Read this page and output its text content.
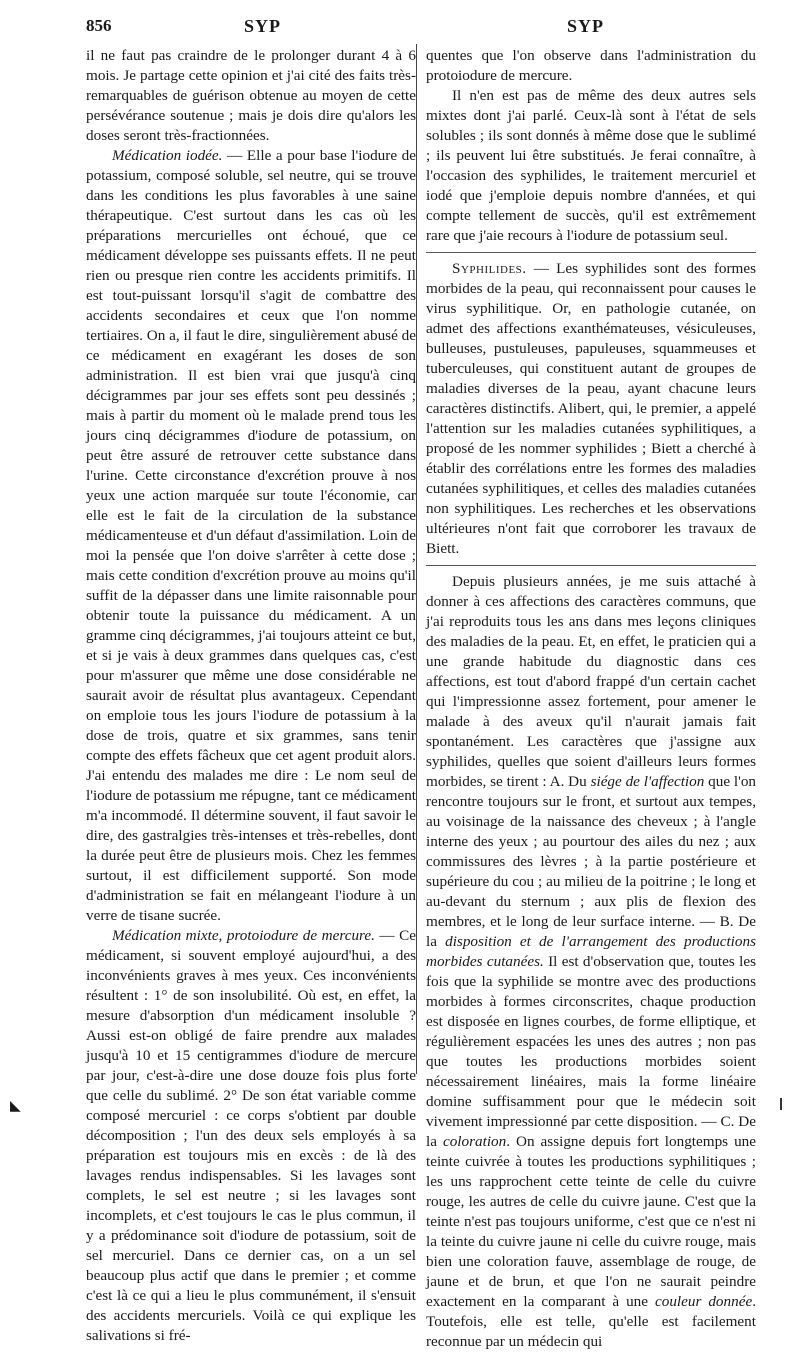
856	SYP	SYP

il ne faut pas craindre de le prolonger durant 4 à 6 mois. Je partage cette opinion et j'ai cité des faits très-remarquables de guérison obtenue au moyen de cette persévérance soutenue ; mais je dois dire qu'alors les doses seront très-fractionnées.

Médication iodée. — Elle a pour base l'iodure de potassium, composé soluble, sel neutre, qui se trouve dans les conditions les plus favorables à une saine thérapeutique. C'est surtout dans les cas où les préparations mercurielles ont échoué, que ce médicament développe ses puissants effets. Il ne peut rien ou presque rien contre les accidents primitifs. Il est tout-puissant lorsqu'il s'agit de combattre des accidents secondaires et ceux que l'on nomme tertiaires. On a, il faut le dire, singulièrement abusé de ce médicament en exagérant les doses de son administration. Il est bien vrai que jusqu'à cinq décigrammes par jour ses effets sont peu dessinés ; mais à partir du moment où le malade prend tous les jours cinq décigrammes d'iodure de potassium, on peut être assuré de retrouver cette substance dans l'urine. Cette circonstance d'excrétion prouve à nos yeux une action marquée sur toute l'économie, car elle est le fait de la circulation de la substance médicamenteuse et d'un défaut d'assimilation. Loin de moi la pensée que l'on doive s'arrêter à cette dose ; mais cette condition d'excrétion prouve au moins qu'il suffit de la dépasser dans une limite raisonnable pour obtenir toute la puissance du médicament. A un gramme cinq décigrammes, j'ai toujours atteint ce but, et si je vais à deux grammes dans quelques cas, c'est pour m'assurer que même une dose considérable ne saurait avoir de résultat plus avantageux. Cependant on emploie tous les jours l'iodure de potassium à la dose de trois, quatre et six grammes, sans tenir compte des effets fâcheux que cet agent produit alors. J'ai entendu des malades me dire : Le nom seul de l'iodure de potassium me répugne, tant ce médicament m'a incommodé. Il détermine souvent, il faut savoir le dire, des gastralgies très-intenses et très-rebelles, dont la durée peut être de plusieurs mois. Chez les femmes surtout, il est difficilement supporté. Son mode d'administration se fait en mélangeant l'iodure à un verre de tisane sucrée.

Médication mixte, protoiodure de mercure. — Ce médicament, si souvent employé aujourd'hui, a des inconvénients graves à mes yeux. Ces inconvénients résultent : 1° de son insolubilité. Où est, en effet, la mesure d'absorption d'un médicament insoluble ? Aussi est-on obligé de faire prendre aux malades jusqu'à 10 et 15 centigrammes d'iodure de mercure par jour, c'est-à-dire une dose douze fois plus forte que celle du sublimé. 2° De son état variable comme composé mercuriel : ce corps s'obtient par double décomposition ; l'un des deux sels employés à sa préparation est toujours mis en excès : de là des lavages rendus indispensables. Si les lavages sont complets, le sel est neutre ; si les lavages sont incomplets, et c'est toujours le cas le plus commun, il y a prédominance soit d'iodure de potassium, soit de sel mercuriel. Dans ce dernier cas, on a un sel beaucoup plus actif que dans le premier ; et comme c'est là ce qui a lieu le plus communément, il s'ensuit des accidents mercuriels. Voilà ce qui explique les salivations si fré-

quentes que l'on observe dans l'administration du protoiodure de mercure.

Il n'en est pas de même des deux autres sels mixtes dont j'ai parlé. Ceux-là sont à l'état de sels solubles ; ils sont donnés à même dose que le sublimé ; ils peuvent lui être substitués. Je ferai connaître, à l'occasion des syphilides, le traitement mercuriel et iodé que j'emploie depuis nombre d'années, et qui compte tellement de succès, qu'il est extrêmement rare que j'aie recours à l'iodure de potassium seul.

Syphilides. — Les syphilides sont des formes morbides de la peau, qui reconnaissent pour causes le virus syphilitique. Or, en pathologie cutanée, on admet des affections exanthémateuses, vésiculeuses, bulleuses, pustuleuses, papuleuses, squammeuses et tuberculeuses, qui constituent autant de groupes de maladies diverses de la peau, ayant chacune leurs caractères distinctifs. Alibert, qui, le premier, a appelé l'attention sur les maladies cutanées syphilitiques, a proposé de les nommer syphilides ; Biett a cherché à établir des corrélations entre les formes des maladies cutanées syphilitiques, et celles des maladies cutanées non syphilitiques. Les recherches et les observations ultérieures n'ont fait que corroborer les travaux de Biett.

Depuis plusieurs années, je me suis attaché à donner à ces affections des caractères communs, que j'ai reproduits tous les ans dans mes leçons cliniques des maladies de la peau. Et, en effet, le praticien qui a une grande habitude du diagnostic dans ces affections, est tout d'abord frappé d'un certain cachet qui l'impressionne assez fortement, pour amener le malade à des aveux qu'il n'aurait jamais fait spontanément. Les caractères que j'assigne aux syphilides, quelles que soient d'ailleurs leurs formes morbides, se tirent : A. Du siége de l'affection que l'on rencontre toujours sur le front, et surtout aux tempes, au voisinage de la naissance des cheveux ; à l'angle interne des yeux ; au pourtour des ailes du nez ; aux commissures des lèvres ; à la partie postérieure et supérieure du cou ; au milieu de la poitrine ; le long et au-devant du sternum ; aux plis de flexion des membres, et le long de leur surface interne. — B. De la disposition et de l'arrangement des productions morbides cutanées. Il est d'observation que, toutes les fois que la syphilide se montre avec des productions morbides à formes circonscrites, chaque production est disposée en lignes courbes, de forme elliptique, et régulièrement espacées les unes des autres ; non pas que toutes les productions morbides soient nécessairement linéaires, mais la forme linéaire domine suffisamment pour que le médecin soit vivement impressionné par cette disposition. — C. De la coloration. On assigne depuis fort longtemps une teinte cuivrée à toutes les productions syphilitiques ; les uns rapprochent cette teinte de celle du cuivre rouge, les autres de celle du cuivre jaune. C'est que la teinte n'est pas toujours uniforme, c'est que ce n'est ni la teinte du cuivre jaune ni celle du cuivre rouge, mais bien une coloration fauve, assemblage de rouge, de jaune et de brun, et que l'on ne saurait peindre exactement en la comparant à une couleur donnée. Toutefois, elle est telle, qu'elle est facilement reconnue par un médecin qui

◣
